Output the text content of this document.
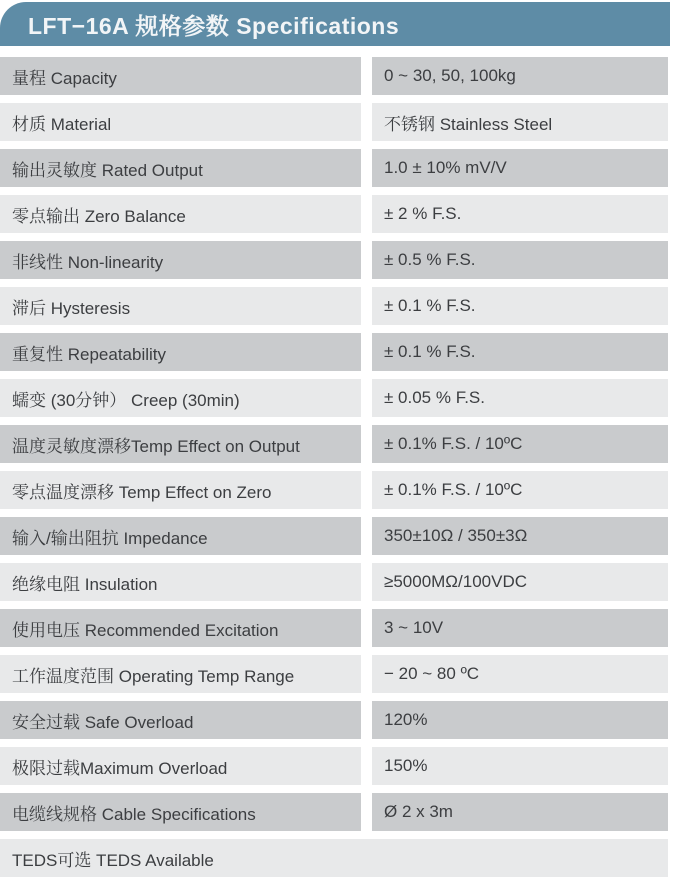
LFT−16A 规格参数 Specifications
量程 Capacity	0 ~ 30, 50, 100kg
材质 Material	不锈钢 Stainless Steel
输出灵敏度 Rated Output	1.0 ± 10% mV/V
零点输出 Zero Balance	± 2 % F.S.
非线性 Non-linearity	± 0.5 % F.S.
滞后 Hysteresis	± 0.1 % F.S.
重复性 Repeatability	± 0.1 % F.S.
蠕变 (30分钟） Creep (30min)	± 0.05 % F.S.
温度灵敏度漂移Temp Effect on Output	± 0.1% F.S. / 10ºC
零点温度漂移 Temp Effect on Zero	± 0.1% F.S. / 10ºC
输入/输出阻抗 Impedance	350±10Ω / 350±3Ω
绝缘电阻 Insulation	≥5000MΩ/100VDC
使用电压 Recommended Excitation	3 ~ 10V
工作温度范围 Operating Temp Range	− 20 ~ 80 ºC
安全过载 Safe Overload	120%
极限过载Maximum Overload	150%
电缆线规格 Cable Specifications	Ø 2 x 3m
TEDS可选 TEDS Available
